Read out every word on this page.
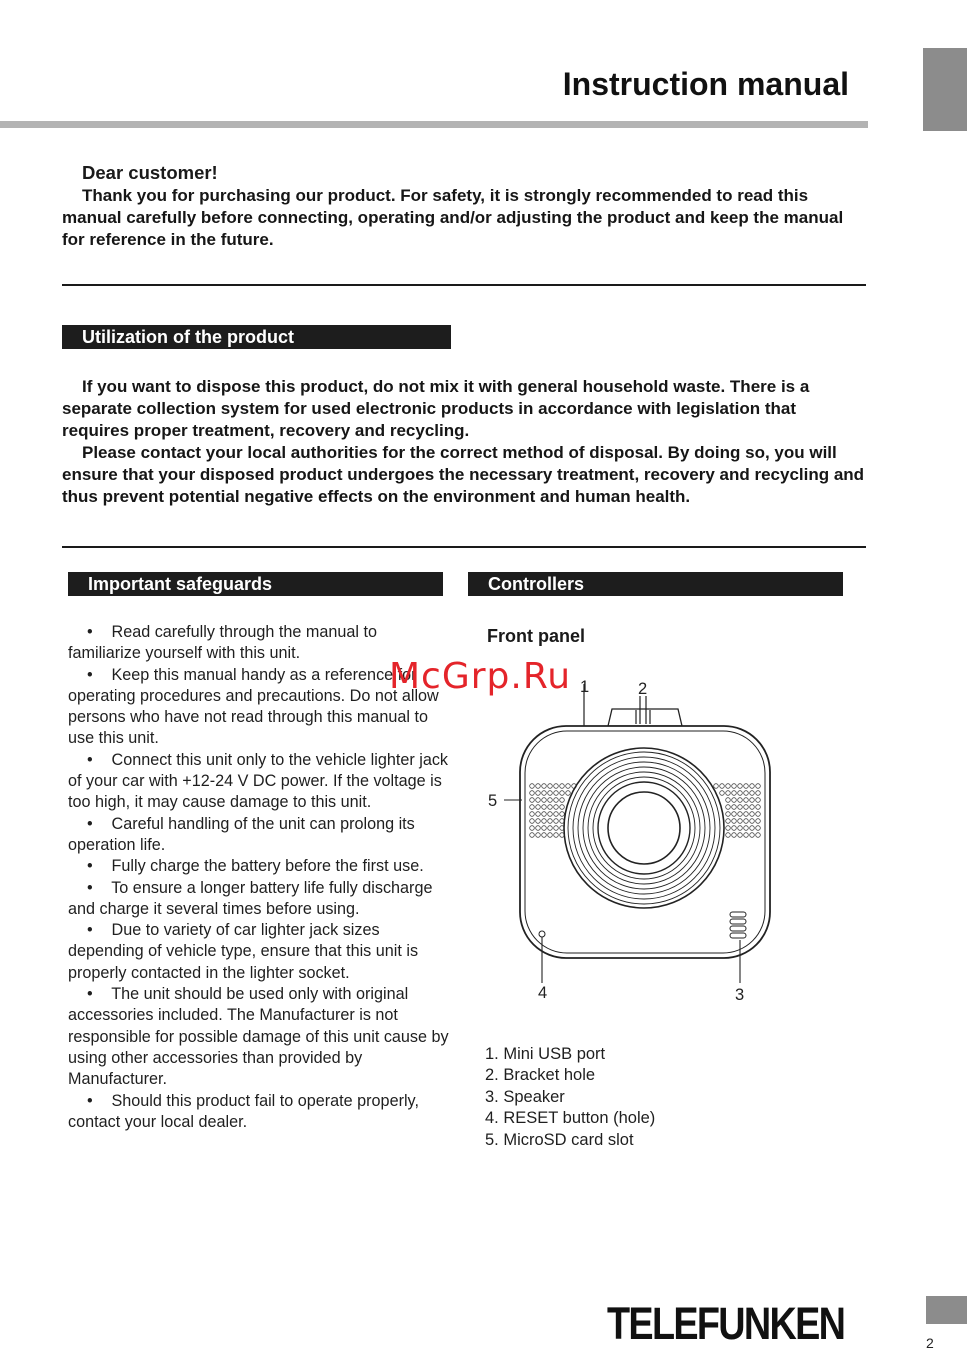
Instruction manual
Dear customer!
Thank you for purchasing our product. For safety, it is strongly recommended to read this manual carefully before connecting, operating and/or adjusting the product and keep the manual for reference in the future.
Utilization of the product
If you want to dispose this product, do not mix it with general household waste. There is a separate collection system for used electronic products in accordance with legislation that requires proper treatment, recovery and recycling.
Please contact your local authorities for the correct method of disposal. By doing so, you will ensure that your disposed product undergoes the necessary treatment, recovery and recycling and thus prevent potential negative effects on the environment and human health.
Important safeguards

• Read carefully through the manual to familiarize yourself with this unit.

• Keep this manual handy as a reference for operating procedures and precautions. Do not allow persons who have not read through this manual to use this unit.

• Connect this unit only to the vehicle lighter jack of your car with +12-24 V DC power. If the voltage is too high, it may cause damage to this unit.

• Careful handling of the unit can prolong its operation life.

• Fully charge the battery before the first use.

• To ensure a longer battery life fully discharge and charge it several times before using.

• Due to variety of car lighter jack sizes depending of vehicle type, ensure that this unit is properly contacted in the lighter socket.

• The unit should be used only with original accessories included. The Manufacturer is not responsible for possible damage of this unit cause by using other accessories than provided by Manufacturer.

• Should this product fail to operate properly, contact your local dealer.

Controllers
Front panel
1	2
3
4
5
1. Mini USB port
2. Bracket hole
3. Speaker
4. RESET button (hole)
5. MicroSD card slot
McGrp.Ru
TELEFUNKEN	2
